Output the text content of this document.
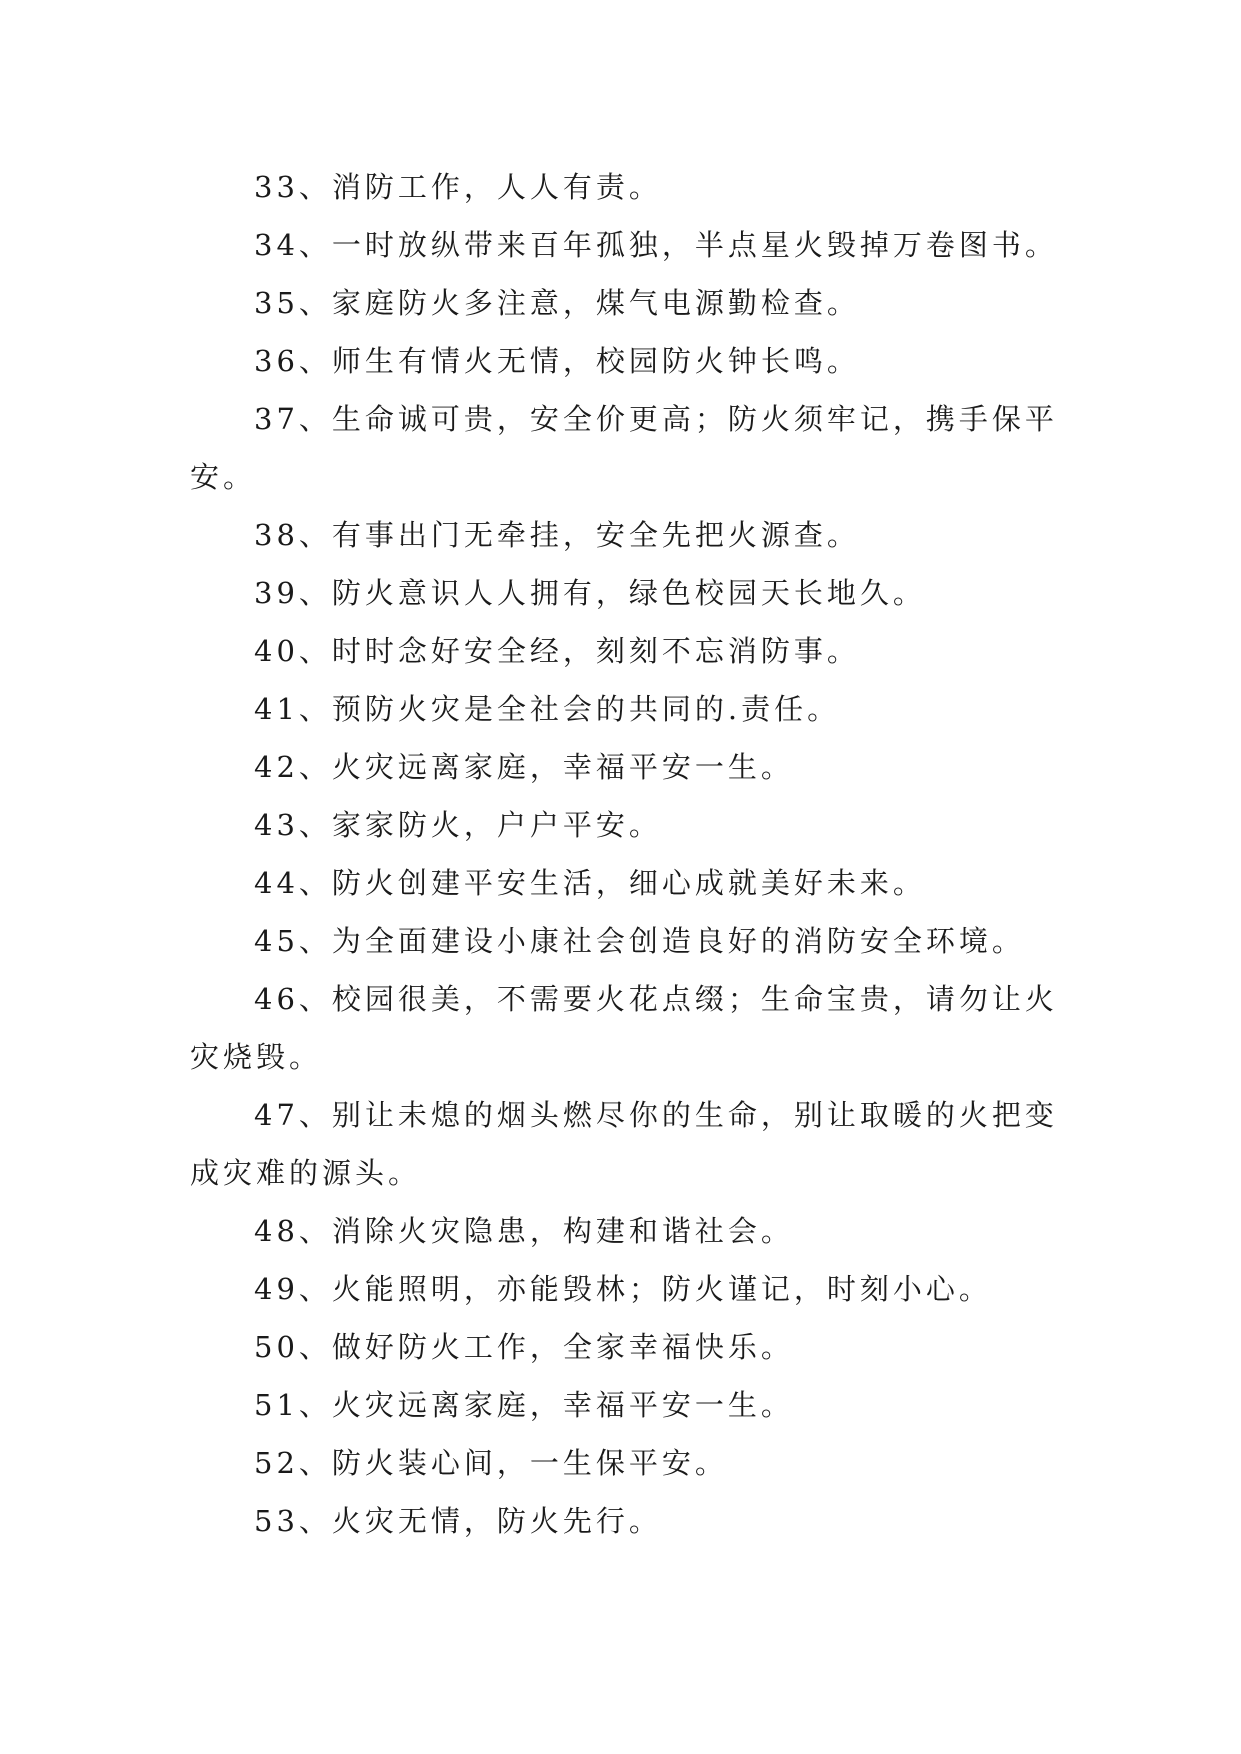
33、消防工作，人人有责。

34、一时放纵带来百年孤独，半点星火毁掉万卷图书。

35、家庭防火多注意，煤气电源勤检查。

36、师生有情火无情，校园防火钟长鸣。

37、生命诚可贵，安全价更高；防火须牢记，携手保平安。

38、有事出门无牵挂，安全先把火源查。

39、防火意识人人拥有，绿色校园天长地久。

40、时时念好安全经，刻刻不忘消防事。

41、预防火灾是全社会的共同的.责任。

42、火灾远离家庭，幸福平安一生。

43、家家防火，户户平安。

44、防火创建平安生活，细心成就美好未来。

45、为全面建设小康社会创造良好的消防安全环境。

46、校园很美，不需要火花点缀；生命宝贵，请勿让火灾烧毁。

47、别让未熄的烟头燃尽你的生命，别让取暖的火把变成灾难的源头。

48、消除火灾隐患，构建和谐社会。

49、火能照明，亦能毁林；防火谨记，时刻小心。

50、做好防火工作，全家幸福快乐。

51、火灾远离家庭，幸福平安一生。

52、防火装心间，一生保平安。

53、火灾无情，防火先行。
